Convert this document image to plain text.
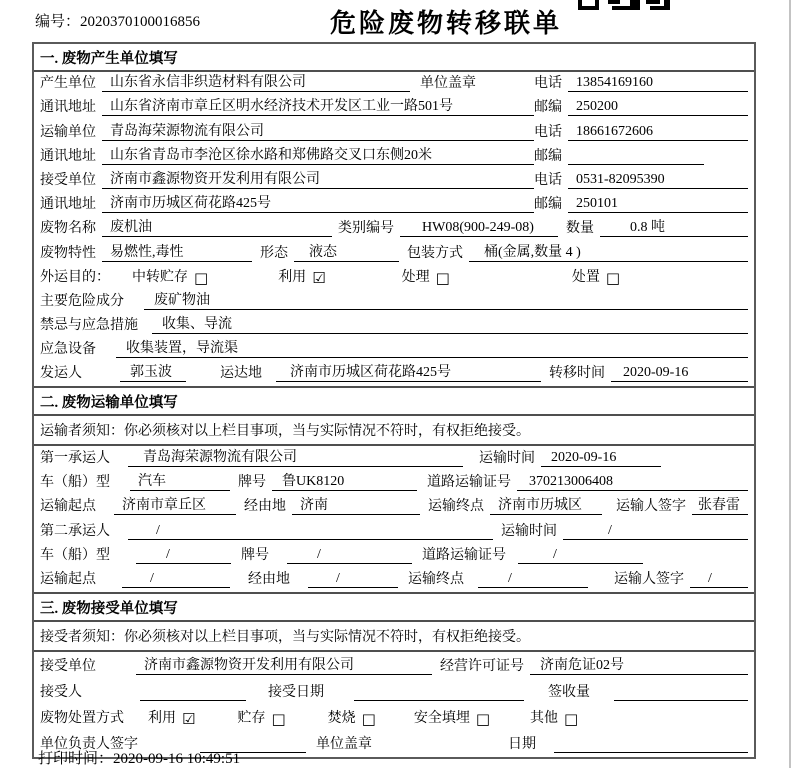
编号：2020370100016856	危险废物转移联单
一. 废物产生单位填写
产生单位	山东省永信非织造材料有限公司	单位盖章	电话	13854169160
通讯地址	山东省济南市章丘区明水经济技术开发区工业一路501号	邮编	250200
运输单位	青岛海荣源物流有限公司	电话	18661672606
通讯地址	山东省青岛市李沧区徐水路和郑佛路交叉口东侧20米	邮编
接受单位	济南市鑫源物资开发利用有限公司	电话	0531-82095390
通讯地址	济南市历城区荷花路425号	邮编	250101
废物名称	废机油	类别编号	HW08(900-249-08)	数量	0.8 吨
废物特性	易燃性,毒性	形态	液态	包装方式	桶(金属,数量 4 )
外运目的： 中转贮存 □	利用 ☑	处理 □	处置 □
主要危险成分	废矿物油
禁忌与应急措施	收集、导流
应急设备	收集装置，导流渠
发运人	郭玉波	运达地	济南市历城区荷花路425号	转移时间	2020-09-16
二. 废物运输单位填写
运输者须知：你必须核对以上栏目事项，当与实际情况不符时，有权拒绝接受。
第一承运人	青岛海荣源物流有限公司	运输时间	2020-09-16
车（船）型	汽车	牌号	鲁UK8120	道路运输证号	370213006408
运输起点	济南市章丘区	经由地	济南	运输终点	济南市历城区	运输人签字 张春雷
第二承运人	/	运输时间	/
车（船）型	/	牌号	/	道路运输证号	/
运输起点	/	经由地	/	运输终点	/	运输人签字	/
三. 废物接受单位填写
接受者须知：你必须核对以上栏目事项，当与实际情况不符时，有权拒绝接受。
接受单位	济南市鑫源物资开发利用有限公司	经营许可证号	济南危证02号
接受人	接受日期	签收量
废物处置方式 利用 ☑	贮存 □	焚烧 □	安全填埋 □	其他 □
单位负责人签字	单位盖章	日期
打印时间：2020-09-16 10:49:51
